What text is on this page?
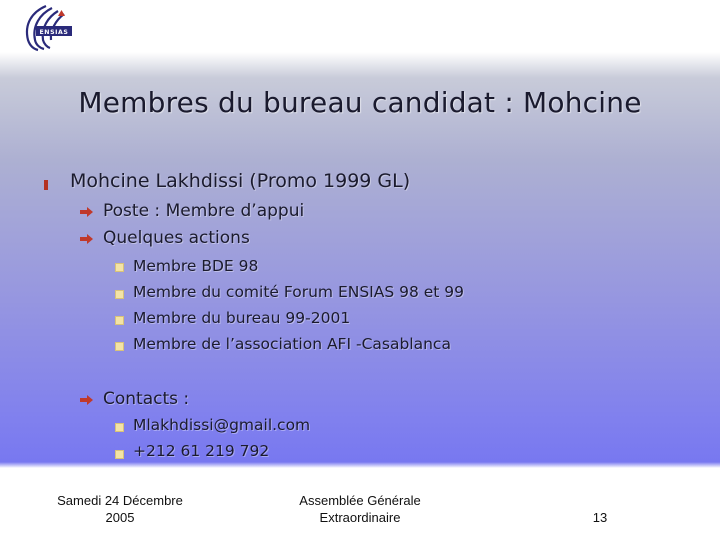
ENSIAS
Membres du bureau candidat : Mohcine
Mohcine Lakhdissi (Promo 1999 GL)
Poste : Membre d’appui
Quelques actions
Membre BDE 98
Membre du comité Forum ENSIAS 98 et 99
Membre du bureau 99-2001
Membre de l’association AFI -Casablanca
Contacts :
Mlakhdissi@gmail.com
+212 61 219 792
Samedi 24 Décembre
2005
Assemblée Générale
Extraordinaire	13
